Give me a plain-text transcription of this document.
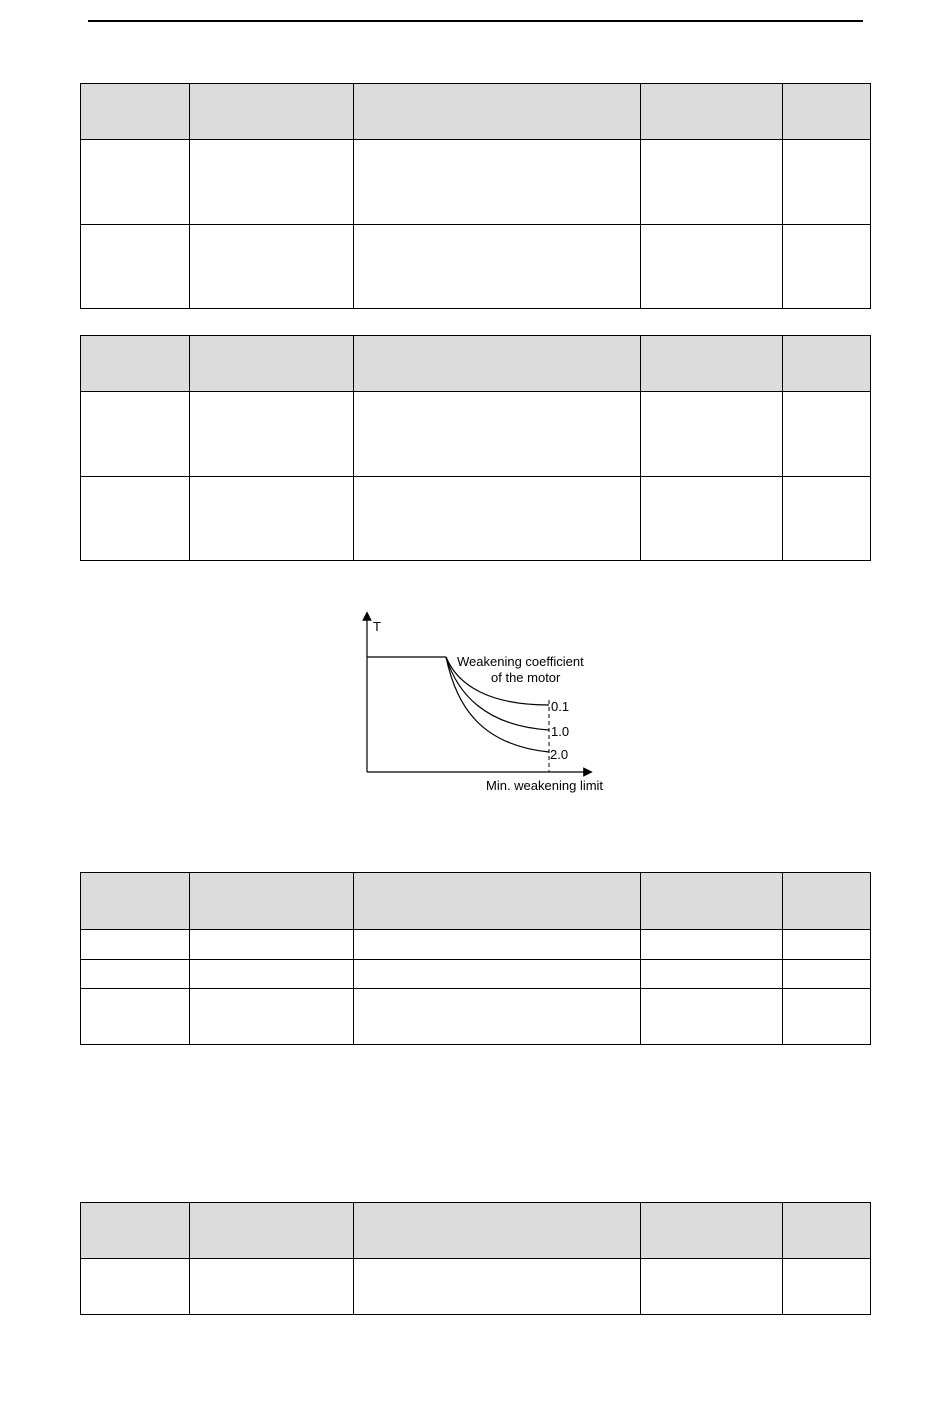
T
Weakening coefficient
of the motor
0.1
1.0
2.0
Min. weakening limit
